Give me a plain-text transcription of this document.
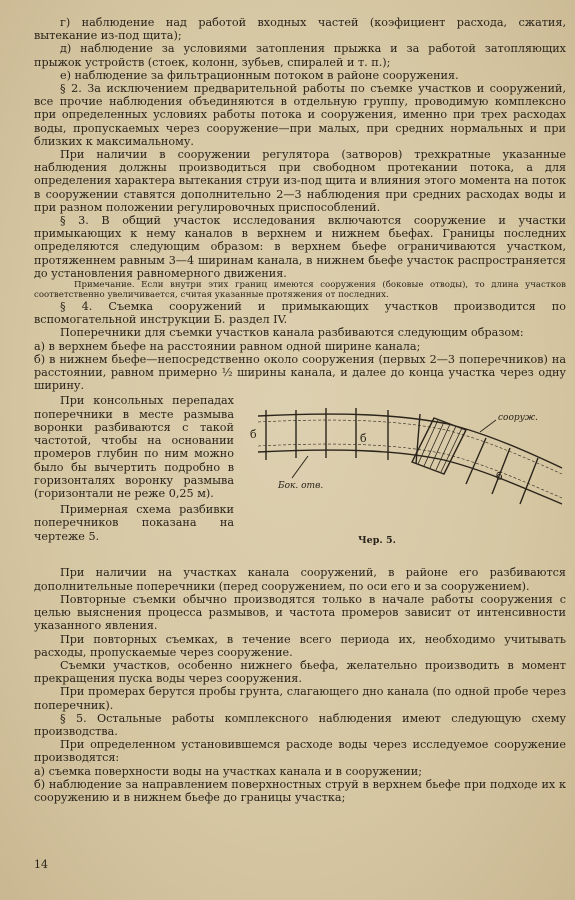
г) наблюдение над работой входных частей (коэфициент расхода, сжатия, вытекание из-под щита);

д) наблюдение за условиями затопления прыжка и за работой затопляющих прыжок устройств (стоек, колонн, зубьев, спиралей и т. п.);

е) наблюдение за фильтрационным потоком в районе сооружения.

§ 2. За исключением предварительной работы по съемке участков и сооружений, все прочие наблюдения объединяются в отдельную группу, проводимую комплексно при определенных условиях работы потока и сооружения, именно при трех расходах воды, пропускаемых через сооружение—при малых, при средних нормальных и при близких к максимальному.

При наличии в сооружении регулятора (затворов) трехкратные указанные наблюдения должны производиться при свободном протекании потока, а для определения характера вытекания струи из-под щита и влияния этого момента на поток в сооружении ставятся дополнительно 2—3 наблюдения при средних расходах воды и при разном положении регулировочных приспособлений.

§ 3. В общий участок исследования включаются сооружение и участки примыкающих к нему каналов в верхнем и нижнем бьефах. Границы последних определяются следующим образом: в верхнем бьефе ограничиваются участком, протяженнем равным 3—4 ширинам канала, в нижнем бьефе участок распространяется до установления равномерного движения.

Примечание. Если внутри этих границ имеются сооружения (боковые отводы), то длина участков соответственно увеличивается, считая указанные протяжения от последних.

§ 4. Съемка сооружений и примыкающих участков производится по вспомогательной инструкции Б. раздел IV.

Поперечники для съемки участков канала разбиваются следующим образом:

а) в верхнем бьефе на расстоянии равном одной ширине канала;

б) в нижнем бьефе—непосредственно около сооружения (первых 2—3 поперечников) на расстоянии, равном примерно ½ ширины канала, и далее до конца участка через одну ширину.

При консольных перепадах поперечники в месте размыва воронки разбиваются с такой частотой, чтобы на основании промеров глубин по ним можно было бы вычертить подробно в горизонталях воронку размыва (горизонтали не реже 0,25 м).

Примерная схема разбивки поперечников показана на чертеже 5.

б	б
б
сооруж.
Бок. отв.
Чер. 5.

При наличии на участках канала сооружений, в районе его разбиваются дополнительные поперечники (перед сооружением, по оси его и за сооружением).

Повторные съемки обычно производятся только в начале работы сооружения с целью выяснения процесса размывов, и частота промеров зависит от интенсивности указанного явления.

При повторных съемках, в течение всего периода их, необходимо учитывать расходы, пропускаемые через сооружение.

Съемки участков, особенно нижнего бьефа, желательно производить в момент прекращения пуска воды через сооружения.

При промерах берутся пробы грунта, слагающего дно канала (по одной пробе через поперечник).

§ 5. Остальные работы комплексного наблюдения имеют следующую схему производства.

При определенном установившемся расходе воды через исследуемое сооружение производятся:

а) съемка поверхности воды на участках канала и в сооружении;

б) наблюдение за направлением поверхностных струй в верхнем бьефе при подходе их к сооружению и в нижнем бьефе до границы участка;

14
